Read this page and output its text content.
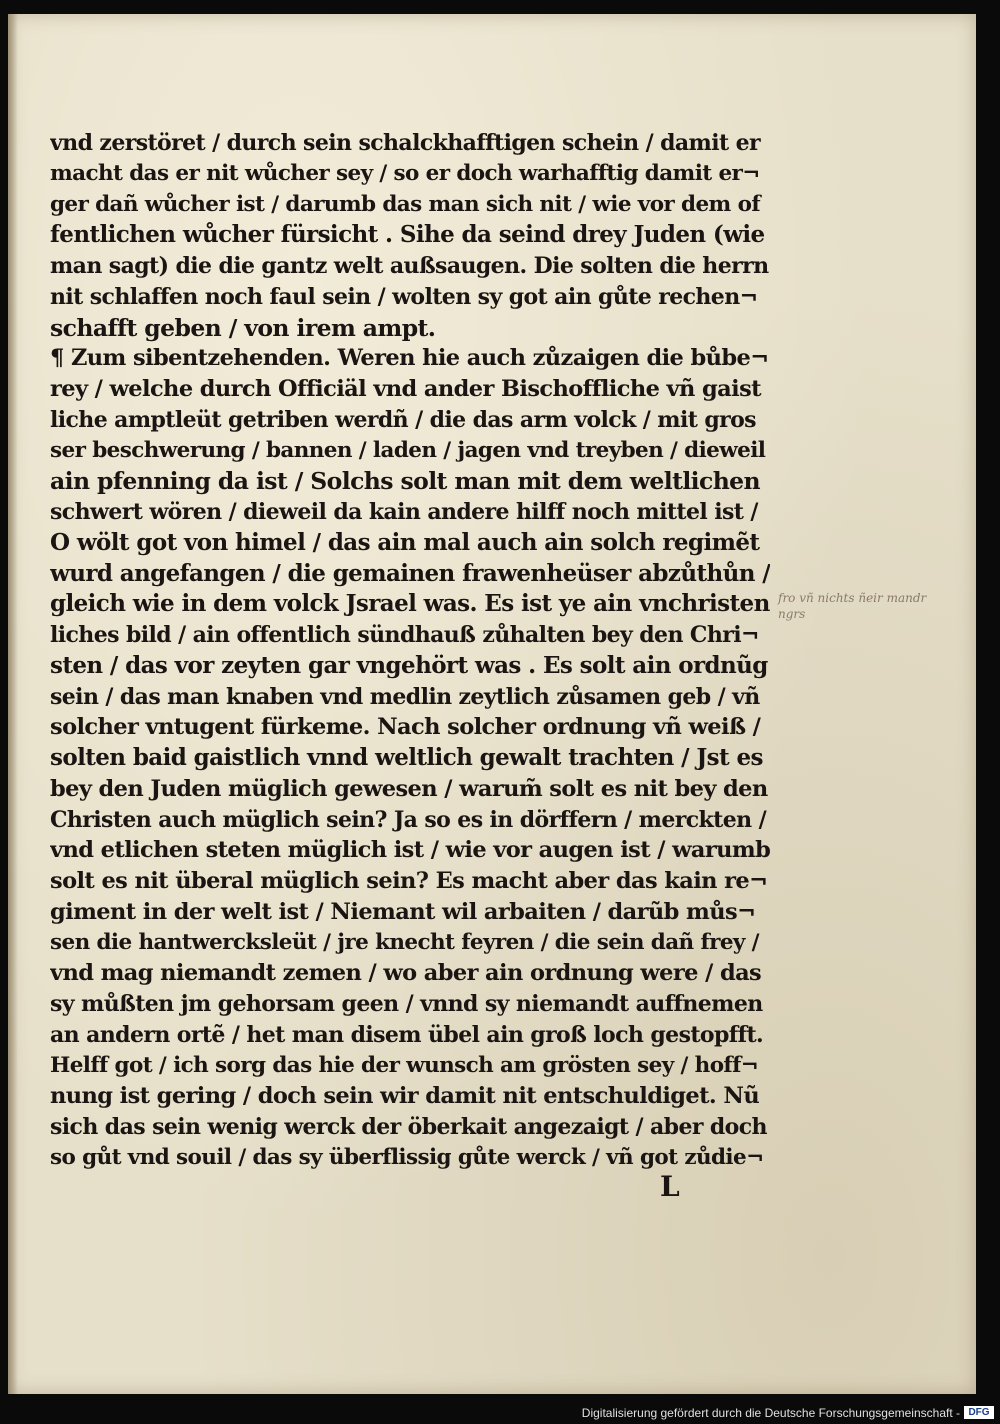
vnd zerstöret / durch sein schalckhafftigen schein / damit er
macht das er nit wůcher sey / so er doch warhafftig damit er¬
ger dañ wůcher ist / darumb das man sich nit / wie vor dem of
fentlichen wůcher fürsicht . Sihe da seind drey Juden (wie
man sagt) die die gantz welt außsaugen. Die solten die herrn
nit schlaffen noch faul sein / wolten sy got ain gůte rechen¬
schafft geben / von irem ampt.
¶ Zum sibentzehenden. Weren hie auch zůzaigen die bůbe¬
rey / welche durch Officiäl vnd ander Bischoffliche vñ gaist
liche amptleüt getriben werdñ / die das arm volck / mit gros
ser beschwerung / bannen / laden / jagen vnd treyben / dieweil
ain pfenning da ist / Solchs solt man mit dem weltlichen
schwert wören / dieweil da kain andere hilff noch mittel ist /
O wölt got von himel / das ain mal auch ain solch regimẽt
wurd angefangen / die gemainen frawenheüser abzůthůn /
gleich wie in dem volck Jsrael was. Es ist ye ain vnchristen
liches bild / ain offentlich sündhauß zůhalten bey den Chri¬
sten / das vor zeyten gar vngehört was . Es solt ain ordnũg
sein / das man knaben vnd medlin zeytlich zůsamen geb / vñ
solcher vntugent fürkeme. Nach solcher ordnung vñ weiß /
solten baid gaistlich vnnd weltlich gewalt trachten / Jst es
bey den Juden müglich gewesen / warum̃ solt es nit bey den
Christen auch müglich sein? Ja so es in dörffern / merckten /
vnd etlichen steten müglich ist / wie vor augen ist / warumb
solt es nit überal müglich sein? Es macht aber das kain re¬
giment in der welt ist / Niemant wil arbaiten / darũb můs¬
sen die hantwercksleüt / jre knecht feyren / die sein dañ frey /
vnd mag niemandt zemen / wo aber ain ordnung were / das
sy můßten jm gehorsam geen / vnnd sy niemandt auffnemen
an andern ortẽ / het man disem übel ain groß loch gestopfft.
Helff got / ich sorg das hie der wunsch am grösten sey / hoff¬
nung ist gering / doch sein wir damit nit entschuldiget. Nũ
sich das sein wenig werck der öberkait angezaigt / aber doch
so gůt vnd souil / das sy überflissig gůte werck / vñ got zůdie¬
fro vñ nichts ñeir mandr ngrs
L
Digitalisierung gefördert durch die Deutsche Forschungsgemeinschaft - DFG
